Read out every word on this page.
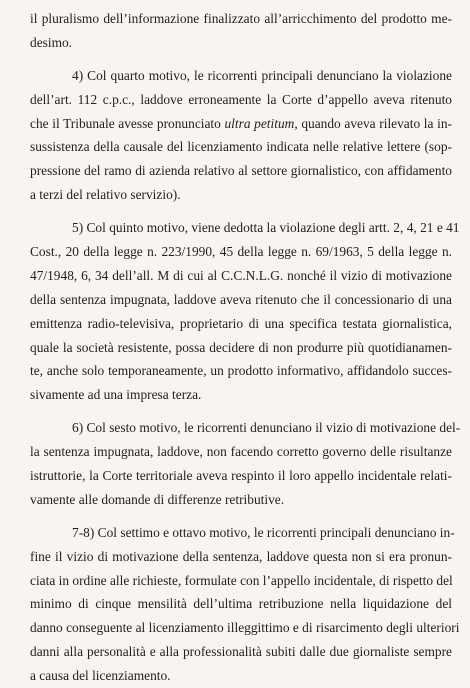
il pluralismo dell’informazione finalizzato all’arricchimento del prodotto me-
desimo.
4) Col quarto motivo, le ricorrenti principali denunciano la violazione
dell’art. 112 c.p.c., laddove erroneamente la Corte d’appello aveva ritenuto
che il Tribunale avesse pronunciato ultra petitum, quando aveva rilevato la in-
sussistenza della causale del licenziamento indicata nelle relative lettere (sop-
pressione del ramo di azienda relativo al settore giornalistico, con affidamento
a terzi del relativo servizio).
5) Col quinto motivo, viene dedotta la violazione degli artt. 2, 4, 21 e 41
Cost., 20 della legge n. 223/1990, 45 della legge n. 69/1963, 5 della legge n.
47/1948, 6, 34 dell’all. M di cui al C.C.N.L.G. nonché il vizio di motivazione
della sentenza impugnata, laddove aveva ritenuto che il concessionario di una
emittenza radio-televisiva, proprietario di una specifica testata giornalistica,
quale la società resistente, possa decidere di non produrre più quotidianamen-
te, anche solo temporaneamente, un prodotto informativo, affidandolo succes-
sivamente ad una impresa terza.
6) Col sesto motivo, le ricorrenti denunciano il vizio di motivazione del-
la sentenza impugnata, laddove, non facendo corretto governo delle risultanze
istruttorie, la Corte territoriale aveva respinto il loro appello incidentale relati-
vamente alle domande di differenze retributive.
7-8) Col settimo e ottavo motivo, le ricorrenti principali denunciano in-
fine il vizio di motivazione della sentenza, laddove questa non si era pronun-
ciata in ordine alle richieste, formulate con l’appello incidentale, di rispetto del
minimo di cinque mensilità dell’ultima retribuzione nella liquidazione del
danno conseguente al licenziamento illeggittimo e di risarcimento degli ulteriori
danni alla personalità e alla professionalità subiti dalle due giornaliste sempre
a causa del licenziamento.
